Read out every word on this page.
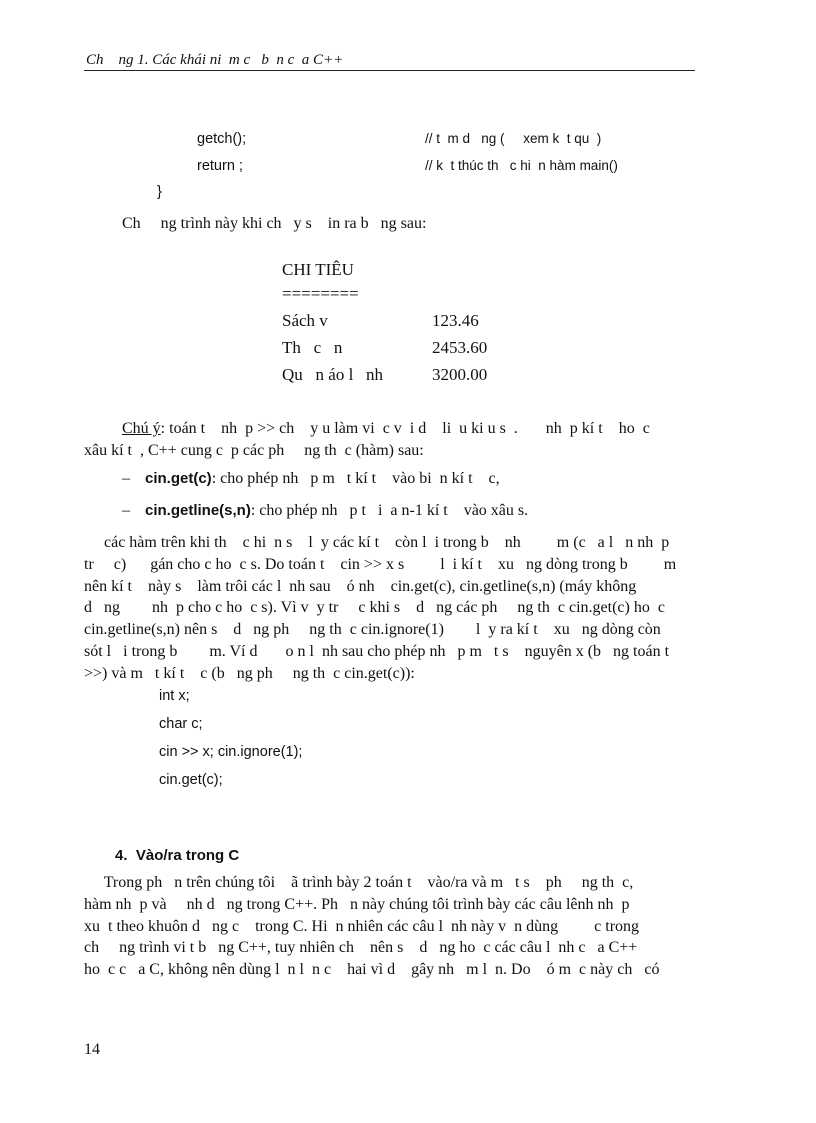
Ch    ng 1. Các khái ni  m c   b  n c  a C++
getch();	// t  m d   ng (     xem k  t qu  )
return ;	// k  t thúc th   c hi  n hàm main()
}
Ch     ng trình này khi ch   y s    in ra b   ng sau:
CHI TIÊU
========
Sách v	123.46
Th   c   n	2453.60
Qu   n áo l   nh	3200.00
Chú ý: toán t    nh  p >> ch    y u làm vi  c v  i d    li  u ki u s  .       nh  p kí t    ho  c
xâu kí t  , C++ cung c  p các ph     ng th  c (hàm) sau:
– cin.get(c): cho phép nh   p m   t kí t    vào bi  n kí t    c,
– cin.getline(s,n): cho phép nh   p t   i  a n-1 kí t    vào xâu s.
các hàm trên khi th    c hi  n s    l  y các kí t    còn l  i trong b    nh         m (c   a l   n nh  p
tr     c)      gán cho c ho  c s. Do toán t    cin >> x s         l  i kí t    xu   ng dòng trong b         m
nên kí t    này s    làm trôi các l  nh sau    ó nh    cin.get(c), cin.getline(s,n) (máy không
d   ng        nh  p cho c ho  c s). Vì v  y tr     c khi s    d   ng các ph     ng th  c cin.get(c) ho  c
cin.getline(s,n) nên s    d   ng ph     ng th  c cin.ignore(1)        l  y ra kí t    xu   ng dòng còn
sót l   i trong b        m. Ví d       o n l  nh sau cho phép nh   p m   t s    nguyên x (b   ng toán t
>>) và m   t kí t    c (b   ng ph     ng th  c cin.get(c)):
int x;
char c;
cin >> x; cin.ignore(1);
cin.get(c);
4. Vào/ra trong C
Trong ph   n trên chúng tôi    ã trình bày 2 toán t    vào/ra và m   t s    ph     ng th  c,
hàm nh  p và     nh d   ng trong C++. Ph   n này chúng tôi trình bày các câu lênh nh  p
xu  t theo khuôn d   ng c    trong C. Hi  n nhiên các câu l  nh này v  n dùng         c trong
ch     ng trình vi t b   ng C++, tuy nhiên ch    nên s    d   ng ho  c các câu l  nh c   a C++
ho  c c   a C, không nên dùng l  n l  n c    hai vì d    gây nh   m l  n. Do    ó m  c này ch   có
14
